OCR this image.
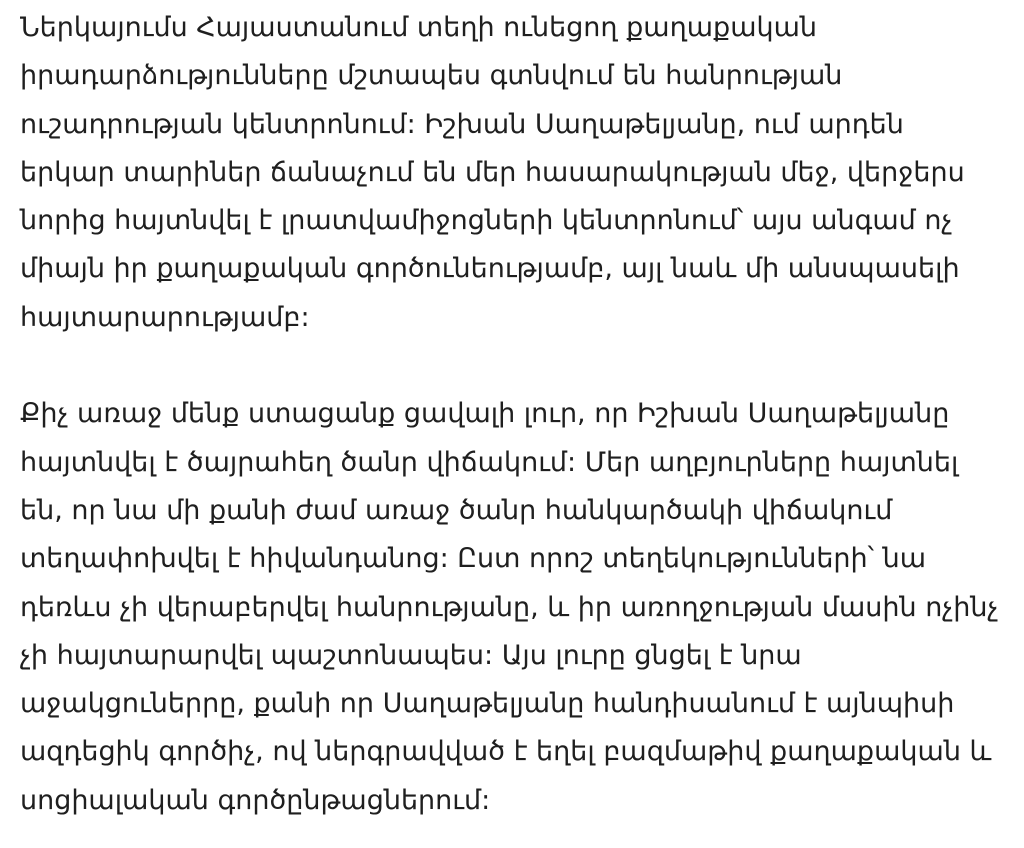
Ներկայումս Հայաստանում տեղի ունեցող քաղաքական
իրադարձությունները մշտապես գտնվում են հանրության
ուշադրության կենտրոնում: Իշխան Սաղաթելյանը, ում արդեն
երկար տարիներ ճանաչում են մեր հասարակության մեջ, վերջերս
նորից հայտնվել է լրատվամիջոցների կենտրոնում՝ այս անգամ ոչ
միայն իր քաղաքական գործունեությամբ, այլ նաև մի անսպասելի
հայտարարությամբ:

Քիչ առաջ մենք ստացանք ցավալի լուր, որ Իշխան Սաղաթելյանը
հայտնվել է ծայրահեղ ծանր վիճակում: Մեր աղբյուրները հայտնել
են, որ նա մի քանի ժամ առաջ ծանր հանկարծակի վիճակում
տեղափոխվել է հիվանդանոց: Ըստ որոշ տեղեկությունների՝ նա
դեռևս չի վերաբերվել հանրությանը, և իր առողջության մասին ոչինչ
չի հայտարարվել պաշտոնապես: Այս լուրը ցնցել է նրա
աջակցուներրը, քանի որ Սաղաթելյանը հանդիսանում է այնպիսի
ազդեցիկ գործիչ, ով ներգրավված է եղել բազմաթիվ քաղաքական և
սոցիալական գործընթացներում:
